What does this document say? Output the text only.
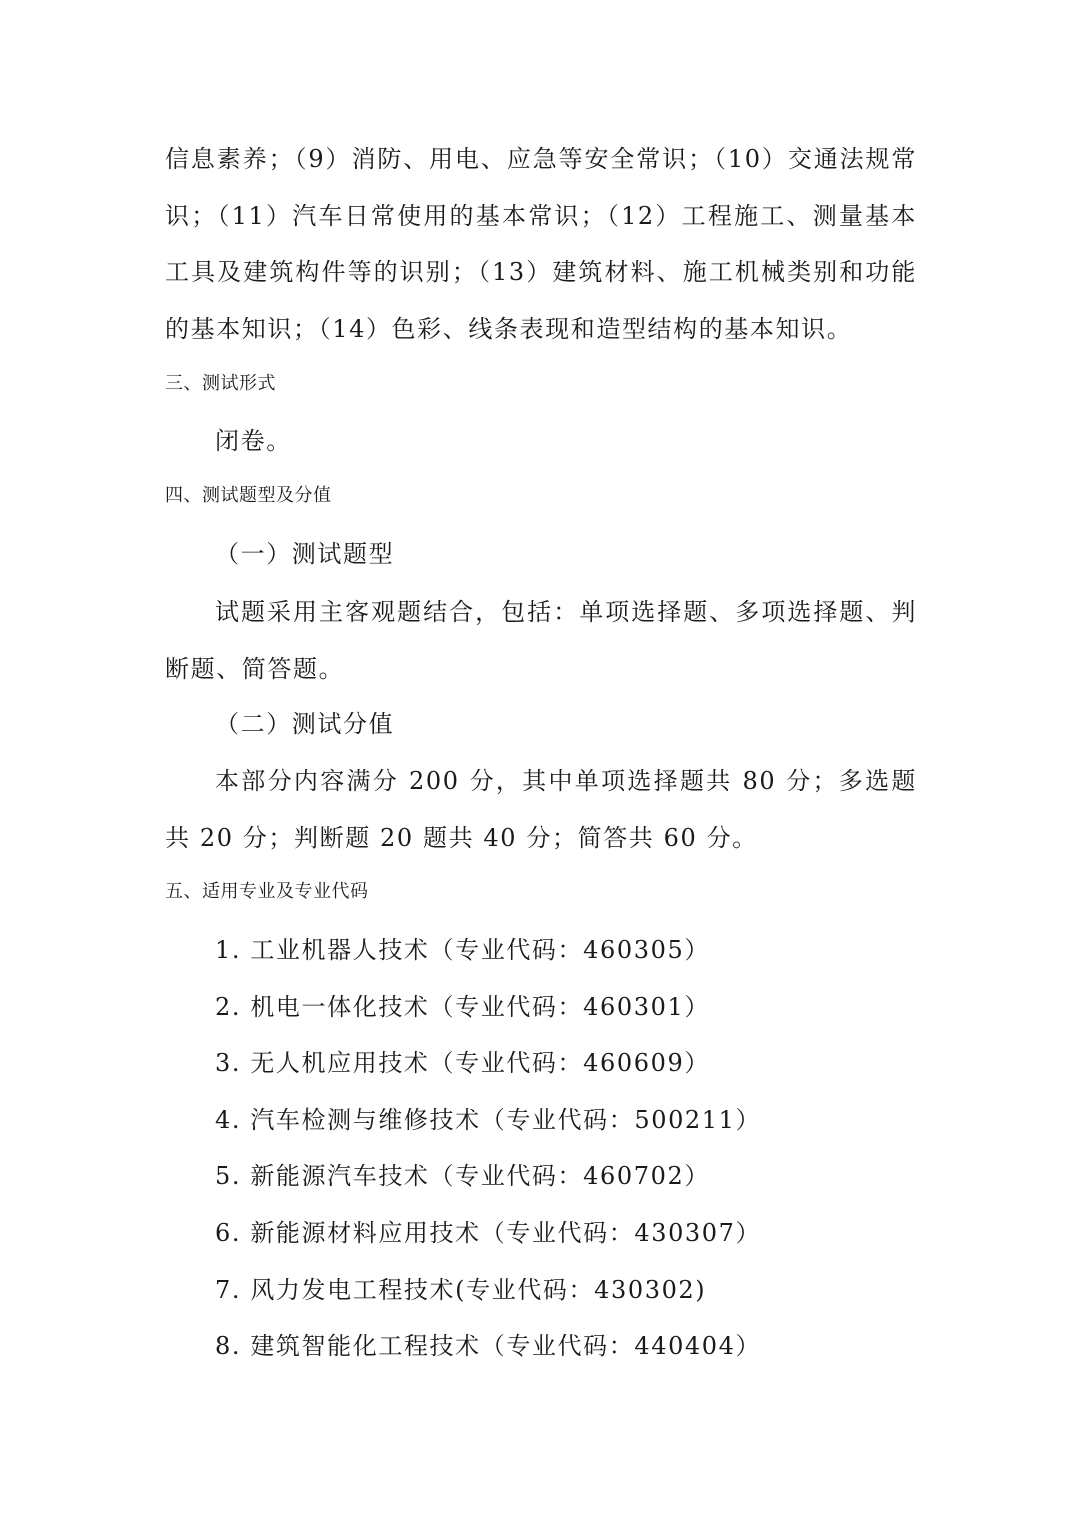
信息素养；（9）消防、用电、应急等安全常识；（10）交通法规常识；（11）汽车日常使用的基本常识；（12）工程施工、测量基本工具及建筑构件等的识别；（13）建筑材料、施工机械类别和功能的基本知识；（14）色彩、线条表现和造型结构的基本知识。

三、测试形式

闭卷。

四、测试题型及分值

（一）测试题型

试题采用主客观题结合，包括：单项选择题、多项选择题、判断题、简答题。

（二）测试分值

本部分内容满分 200 分，其中单项选择题共 80 分；多选题共 20 分；判断题 20 题共 40 分；简答共 60 分。

五、适用专业及专业代码
1. 工业机器人技术（专业代码：460305）
2. 机电一体化技术（专业代码：460301）
3. 无人机应用技术（专业代码：460609）
4. 汽车检测与维修技术（专业代码：500211）
5. 新能源汽车技术（专业代码：460702）
6. 新能源材料应用技术（专业代码：430307）
7. 风力发电工程技术(专业代码：430302)
8. 建筑智能化工程技术（专业代码：440404）
